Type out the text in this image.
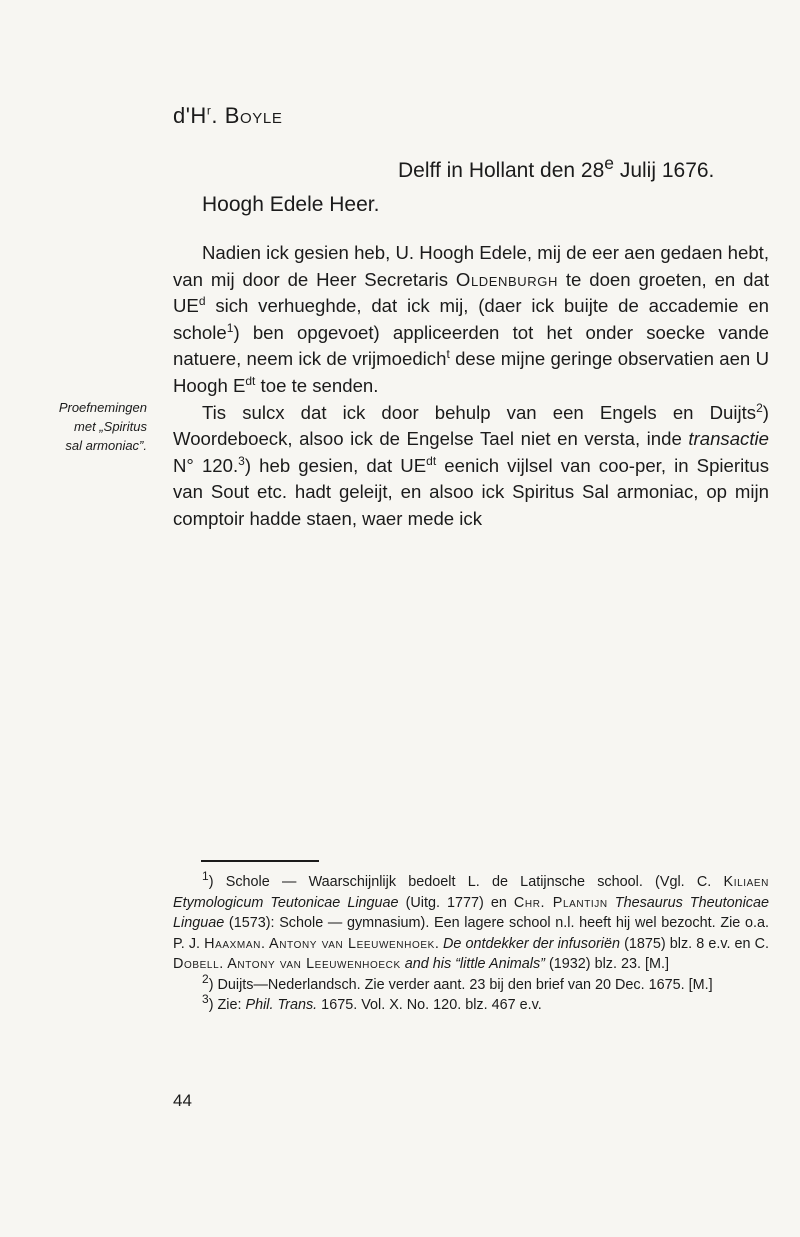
$d'H^r$. Boyle
Delff in Hollant den 28e Julij 1676.
Hoogh Edele Heer.
Proefnemingen
met „Spiritus
sal armoniac”.

Nadien ick gesien heb, U. Hoogh Edele, mij de eer aen gedaen hebt, van mij door de Heer Secretaris Oldenburgh te doen groeten, en dat $UE^d$ sich verhueghde, dat ick mij, (daer ick buijte de accademie en schole$^1$) ben opgevoet) appliceerden tot het onder soecke vande natuere, neem ick de vrijmoedich$^t$ dese mijne geringe observatien aen U Hoogh $E^{dt}$ toe te senden.

Tis sulcx dat ick door behulp van een Engels en Duijts$^2$) Woordeboeck, alsoo ick de Engelse Tael niet en versta, inde transactie N° 120.$^3$) heb gesien, dat $UE^{dt}$ eenich vijlsel van coo-per, in Spieritus van Sout etc. hadt geleijt, en alsoo ick Spiritus Sal armoniac, op mijn comptoir hadde staen, waer mede ick

$^1$) Schole — Waarschijnlijk bedoelt L. de Latijnsche school. (Vgl. C. Kiliaen Etymologicum Teutonicae Linguae (Uitg. 1777) en Chr. Plantijn Thesaurus Theutonicae Linguae (1573): Schole — gymnasium). Een lagere school n.l. heeft hij wel bezocht. Zie o.a. P. J. Haaxman. Antony van Leeuwenhoek. De ontdekker der infusoriën (1875) blz. 8 e.v. en C. Dobell. Antony van Leeuwenhoeck and his “little Animals” (1932) blz. 23. [M.]

$^2$) Duijts—Nederlandsch. Zie verder aant. 23 bij den brief van 20 Dec. 1675. [M.]

$^3$) Zie: Phil. Trans. 1675. Vol. X. No. 120. blz. 467 e.v.

44
